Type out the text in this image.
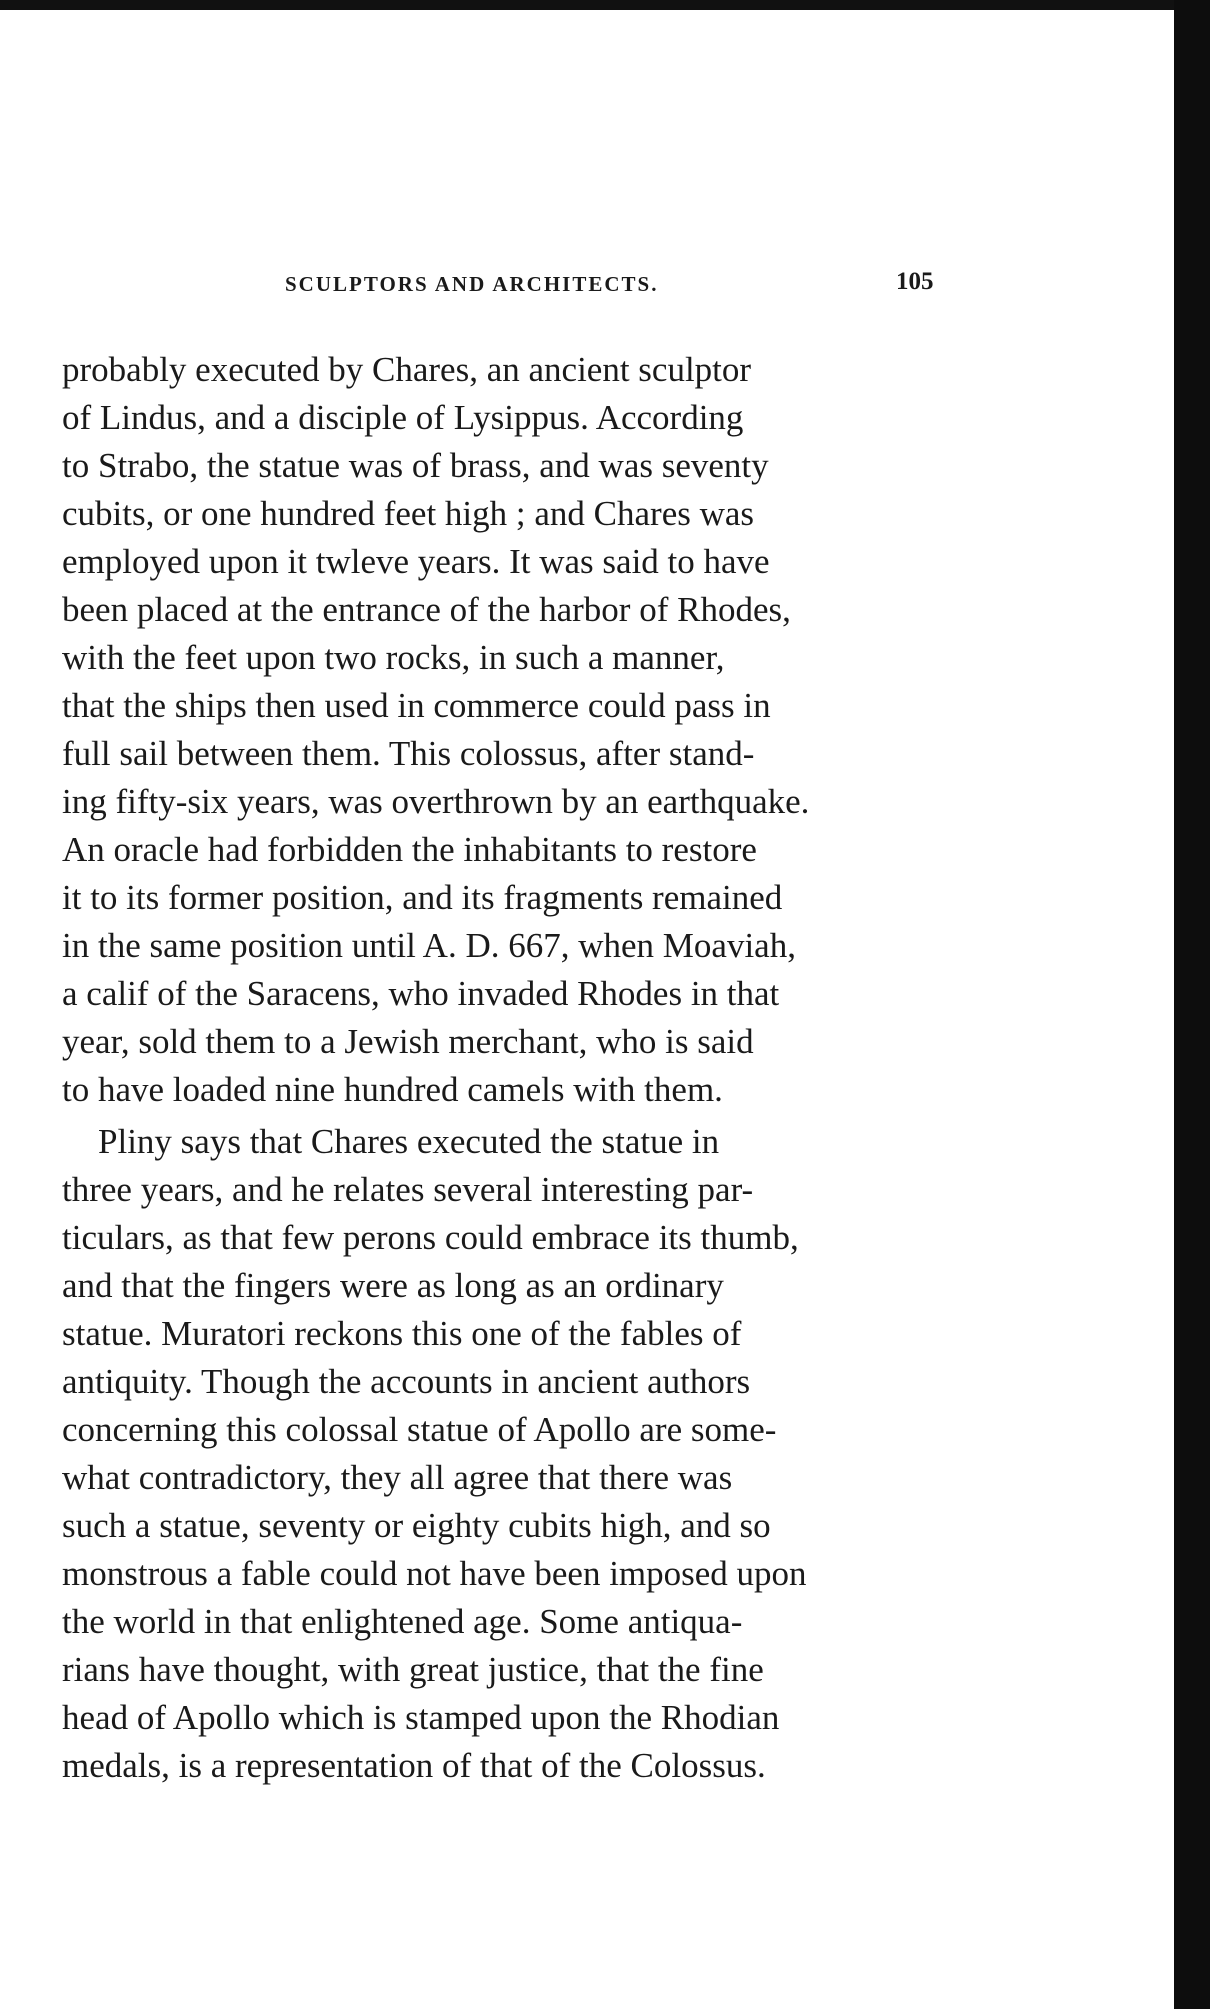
SCULPTORS AND ARCHITECTS.	105
probably executed by Chares, an ancient sculptor
of Lindus, and a disciple of Lysippus. According
to Strabo, the statue was of brass, and was seventy
cubits, or one hundred feet high ; and Chares was
employed upon it twleve years. It was said to have
been placed at the entrance of the harbor of Rhodes,
with the feet upon two rocks, in such a manner,
that the ships then used in commerce could pass in
full sail between them. This colossus, after stand-
ing fifty-six years, was overthrown by an earthquake.
An oracle had forbidden the inhabitants to restore
it to its former position, and its fragments remained
in the same position until A. D. 667, when Moaviah,
a calif of the Saracens, who invaded Rhodes in that
year, sold them to a Jewish merchant, who is said
to have loaded nine hundred camels with them.
Pliny says that Chares executed the statue in
three years, and he relates several interesting par-
ticulars, as that few perons could embrace its thumb,
and that the fingers were as long as an ordinary
statue. Muratori reckons this one of the fables of
antiquity. Though the accounts in ancient authors
concerning this colossal statue of Apollo are some-
what contradictory, they all agree that there was
such a statue, seventy or eighty cubits high, and so
monstrous a fable could not have been imposed upon
the world in that enlightened age. Some antiqua-
rians have thought, with great justice, that the fine
head of Apollo which is stamped upon the Rhodian
medals, is a representation of that of the Colossus.
